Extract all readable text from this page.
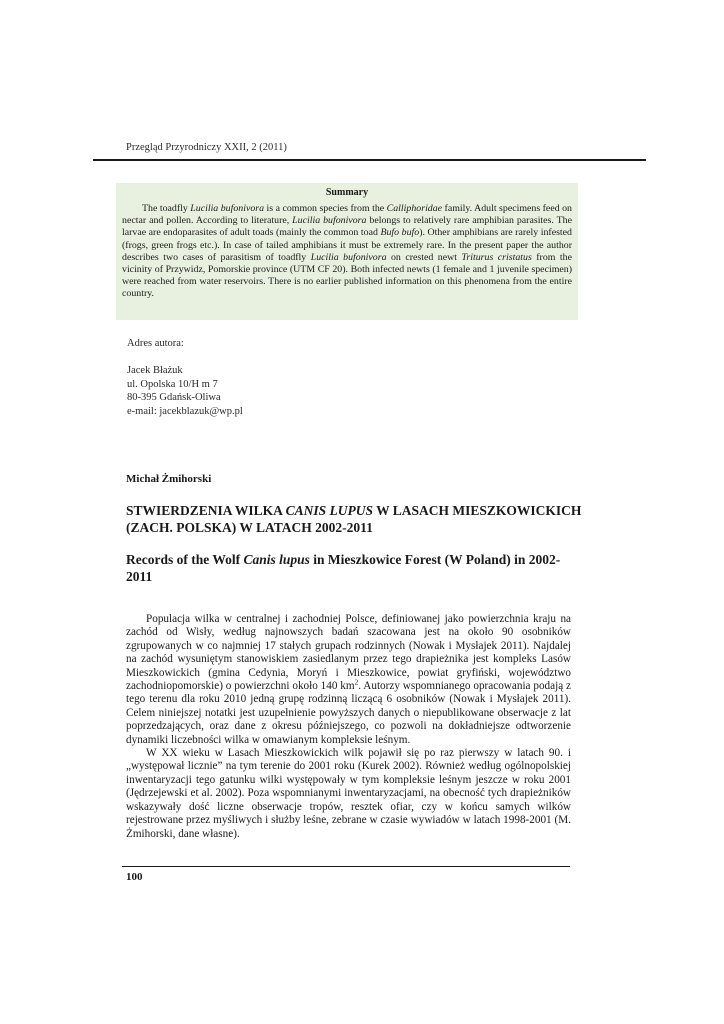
Przegląd Przyrodniczy XXII, 2 (2011)
Summary

The toadfly Lucilia bufonivora is a common species from the Calliphoridae family. Adult specimens feed on nectar and pollen. According to literature, Lucilia bufonivora belongs to relatively rare amphibian parasites. The larvae are endoparasites of adult toads (mainly the common toad Bufo bufo). Other amphibians are rarely infested (frogs, green frogs etc.). In case of tailed amphibians it must be extremely rare. In the present paper the author describes two cases of parasitism of toadfly Lucilia bufonivora on crested newt Triturus cristatus from the vicinity of Przywidz, Pomorskie province (UTM CF 20). Both infected newts (1 female and 1 juvenile specimen) were reached from water reservoirs. There is no earlier published information on this phenomena from the entire country.

Adres autora:
Jacek Błażuk
ul. Opolska 10/H m 7
80-395 Gdańsk-Oliwa
e-mail: jacekblazuk@wp.pl
Michał Żmihorski
STWIERDZENIA WILKA CANIS LUPUS W LASACH MIESZKOWICKICH (ZACH. POLSKA) W LATACH 2002-2011
Records of the Wolf Canis lupus in Mieszkowice Forest (W Poland) in 2002-2011

Populacja wilka w centralnej i zachodniej Polsce, definiowanej jako powierzchnia kraju na zachód od Wisły, według najnowszych badań szacowana jest na około 90 osobników zgrupowanych w co najmniej 17 stałych grupach rodzinnych (Nowak i Mysłajek 2011). Najdalej na zachód wysuniętym stanowiskiem zasiedlanym przez tego drapieżnika jest kompleks Lasów Mieszkowickich (gmina Cedynia, Moryń i Mieszkowice, powiat gryfiński, województwo zachodniopomorskie) o powierzchni około 140 $km^2$. Autorzy wspomnianego opracowania podają z tego terenu dla roku 2010 jedną grupę rodzinną liczącą 6 osobników (Nowak i Mysłajek 2011). Celem niniejszej notatki jest uzupełnienie powyższych danych o niepublikowane obserwacje z lat poprzedzających, oraz dane z okresu późniejszego, co pozwoli na dokładniejsze odtworzenie dynamiki liczebności wilka w omawianym kompleksie leśnym.

W XX wieku w Lasach Mieszkowickich wilk pojawił się po raz pierwszy w latach 90. i „występował licznie” na tym terenie do 2001 roku (Kurek 2002). Również według ogólnopolskiej inwentaryzacji tego gatunku wilki występowały w tym kompleksie leśnym jeszcze w roku 2001 (Jędrzejewski et al. 2002). Poza wspomnianymi inwentaryzacjami, na obecność tych drapieżników wskazywały dość liczne obserwacje tropów, resztek ofiar, czy w końcu samych wilków rejestrowane przez myśliwych i służby leśne, zebrane w czasie wywiadów w latach 1998-2001 (M. Żmihorski, dane własne).

100
